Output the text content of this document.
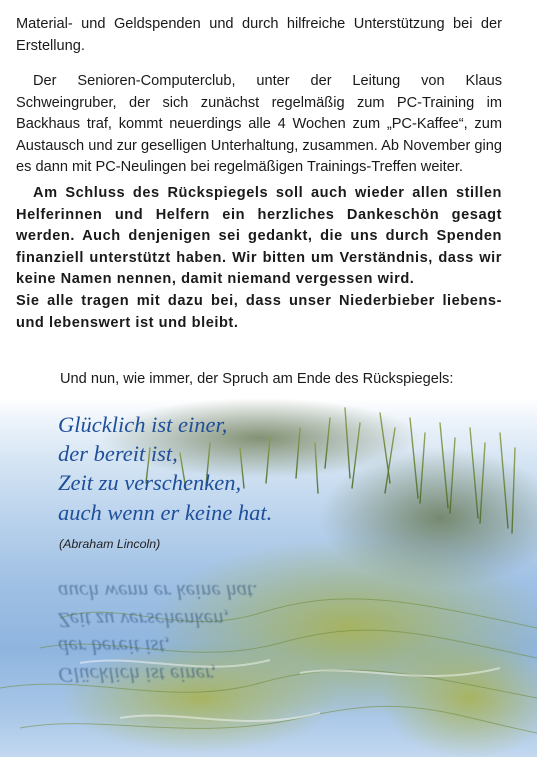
Material- und Geldspenden und durch hilfreiche Unterstützung bei der Erstellung.

Der Senioren-Computerclub, unter der Leitung von Klaus Schweingruber, der sich zunächst regelmäßig zum PC-Training im Backhaus traf, kommt neuerdings alle 4 Wochen zum „PC-Kaffee“, zum Austausch und zur geselligen Unterhaltung, zusammen. Ab November ging es dann mit PC-Neulingen bei regelmäßigen Trainings-Treffen weiter.

Am Schluss des Rückspiegels soll auch wieder allen stillen Helferinnen und Helfern ein herzliches Dankeschön gesagt werden. Auch denjenigen sei gedankt, die uns durch Spenden finanziell unterstützt haben. Wir bitten um Verständnis, dass wir keine Namen nennen, damit niemand vergessen wird.

Sie alle tragen mit dazu bei, dass unser Niederbieber liebens- und lebenswert ist und bleibt.

Und nun, wie immer, der Spruch am Ende des Rückspiegels:

Glücklich ist einer,
der bereit ist,
Zeit zu verschenken,
auch wenn er keine hat.

(Abraham Lincoln)

Glücklich ist einer,
der bereit ist,
Zeit zu verschenken,
auch wenn er keine hat.
